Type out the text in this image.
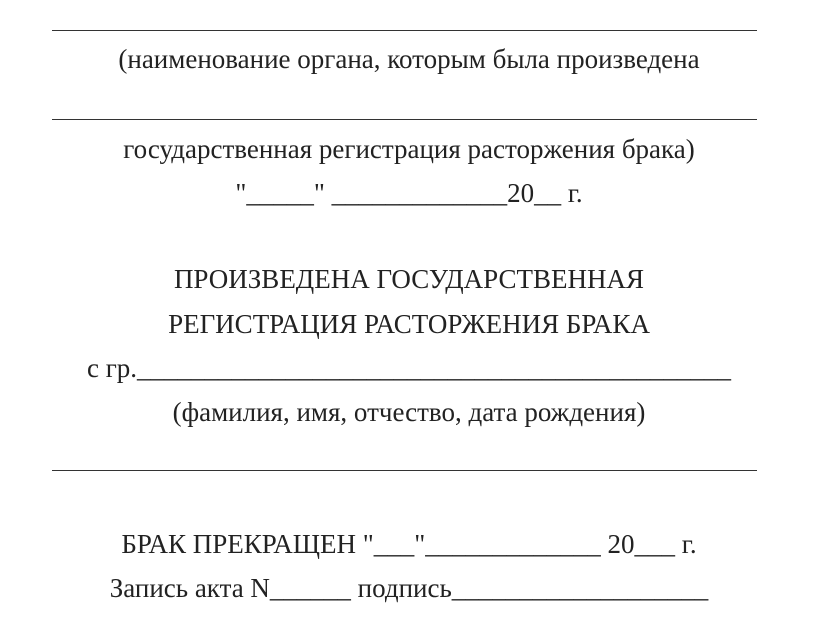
(наименование органа, которым была произведена
государственная регистрация расторжения брака)
"_____" _____________20__ г.
ПРОИЗВЕДЕНА ГОСУДАРСТВЕННАЯ
РЕГИСТРАЦИЯ РАСТОРЖЕНИЯ БРАКА
с гр.____________________________________________
(фамилия, имя, отчество, дата рождения)
БРАК ПРЕКРАЩЕН "___"_____________ 20___ г.
Запись акта N______ подпись___________________
